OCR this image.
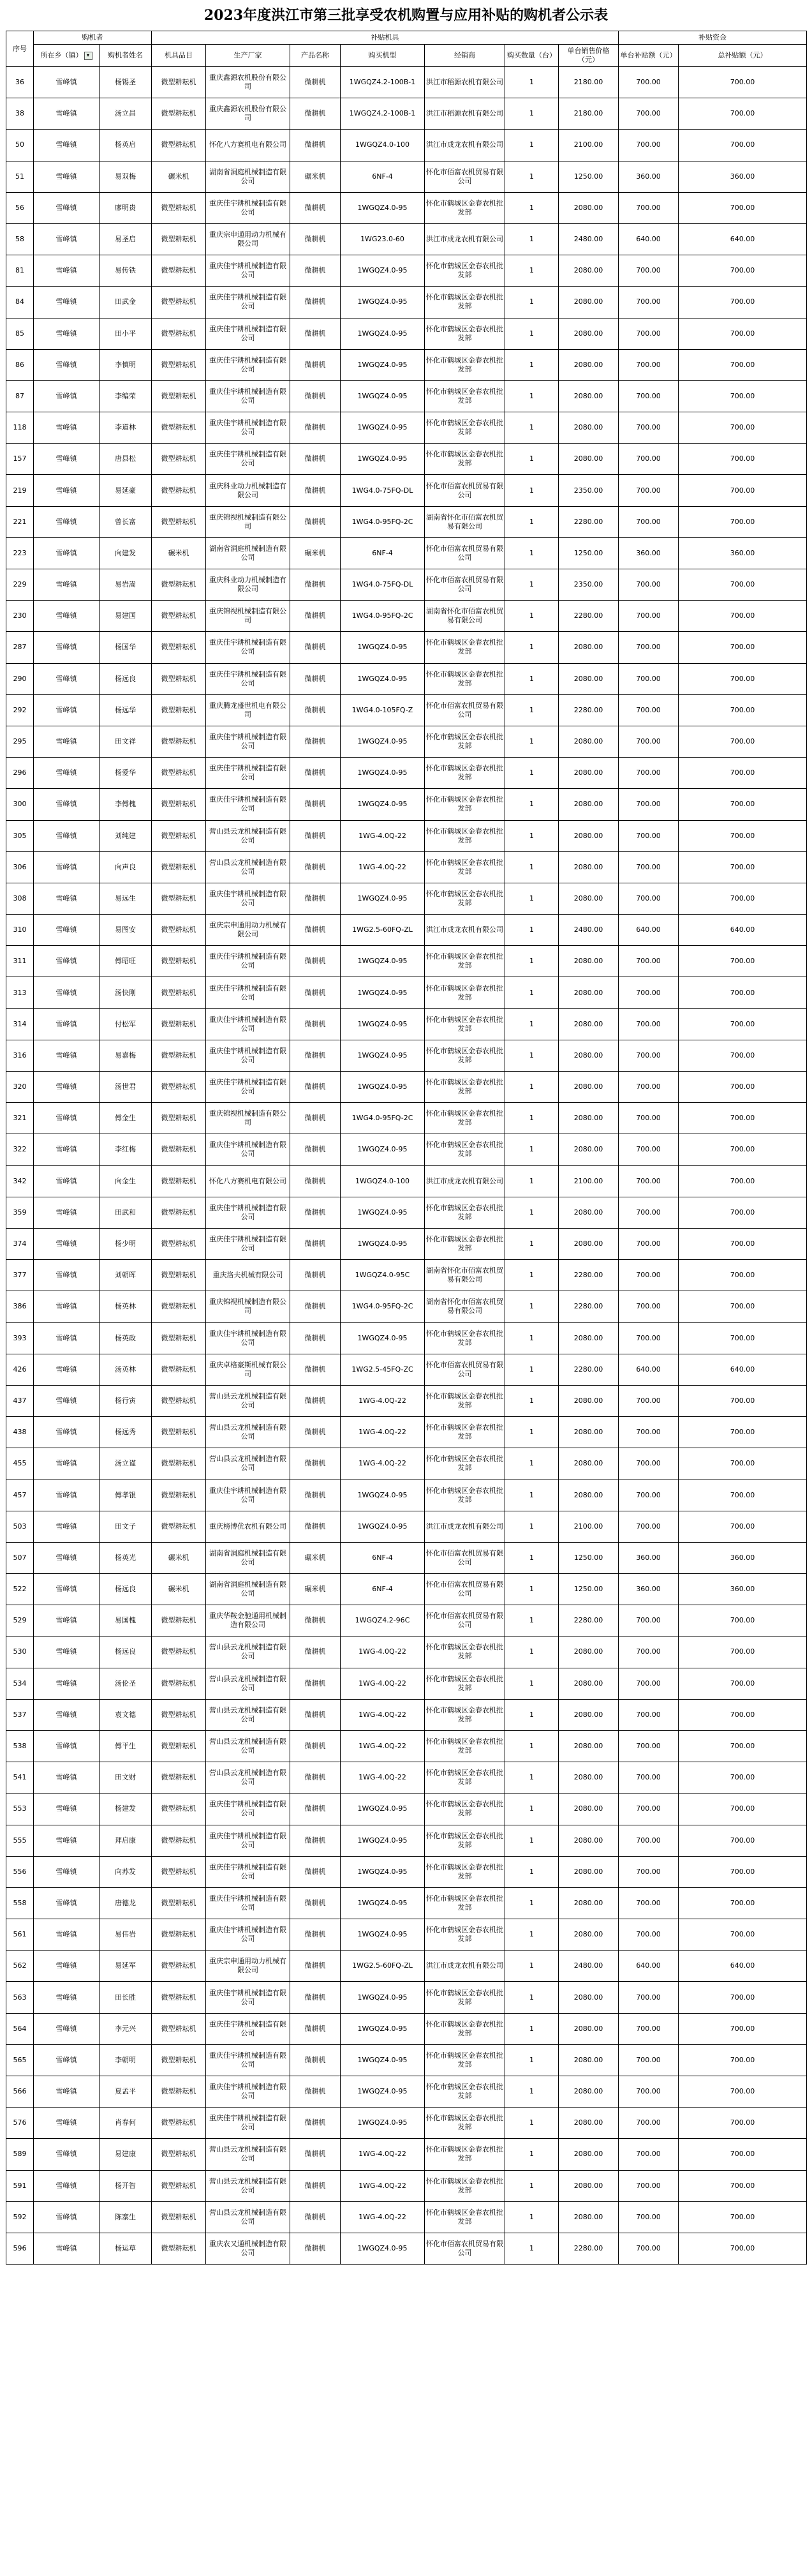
2023年度洪江市第三批享受农机购置与应用补贴的购机者公示表
序号	购机者		补贴机具							补贴资金	
	所在乡（镇） ▾	购机者姓名	机具品目	生产厂家	产品名称	购买机型	经销商	购买数量（台）	单台销售价格（元）	单台补贴额（元）	总补贴额（元）
36	雪峰镇	杨锡圣	微型耕耘机	重庆鑫源农机股份有限公司	微耕机	1WGQZ4.2-100B-1	洪江市稻源农机有限公司	1	2180.00	700.00	700.00
38	雪峰镇	汤立昌	微型耕耘机	重庆鑫源农机股份有限公司	微耕机	1WGQZ4.2-100B-1	洪江市稻源农机有限公司	1	2180.00	700.00	700.00
50	雪峰镇	杨英启	微型耕耘机	怀化八方赛机电有限公司	微耕机	1WGQZ4.0-100	洪江市成龙农机有限公司	1	2100.00	700.00	700.00
51	雪峰镇	易双梅	碾米机	湖南省洞庭机械制造有限公司	碾米机	6NF-4	怀化市佰富农机贸易有限公司	1	1250.00	360.00	360.00
56	雪峰镇	廖明贵	微型耕耘机	重庆佳宇耕机械制造有限公司	微耕机	1WGQZ4.0-95	怀化市鹤城区金春农机批发部	1	2080.00	700.00	700.00
58	雪峰镇	易圣启	微型耕耘机	重庆宗申通用动力机械有限公司	微耕机	1WG23.0-60	洪江市成龙农机有限公司	1	2480.00	640.00	640.00
81	雪峰镇	易传铁	微型耕耘机	重庆佳宇耕机械制造有限公司	微耕机	1WGQZ4.0-95	怀化市鹤城区金春农机批发部	1	2080.00	700.00	700.00
84	雪峰镇	田武金	微型耕耘机	重庆佳宇耕机械制造有限公司	微耕机	1WGQZ4.0-95	怀化市鹤城区金春农机批发部	1	2080.00	700.00	700.00
85	雪峰镇	田小平	微型耕耘机	重庆佳宇耕机械制造有限公司	微耕机	1WGQZ4.0-95	怀化市鹤城区金春农机批发部	1	2080.00	700.00	700.00
86	雪峰镇	李慎明	微型耕耘机	重庆佳宇耕机械制造有限公司	微耕机	1WGQZ4.0-95	怀化市鹤城区金春农机批发部	1	2080.00	700.00	700.00
87	雪峰镇	李编荣	微型耕耘机	重庆佳宇耕机械制造有限公司	微耕机	1WGQZ4.0-95	怀化市鹤城区金春农机批发部	1	2080.00	700.00	700.00
118	雪峰镇	李道林	微型耕耘机	重庆佳宇耕机械制造有限公司	微耕机	1WGQZ4.0-95	怀化市鹤城区金春农机批发部	1	2080.00	700.00	700.00
157	雪峰镇	唐县松	微型耕耘机	重庆佳宇耕机械制造有限公司	微耕机	1WGQZ4.0-95	怀化市鹤城区金春农机批发部	1	2080.00	700.00	700.00
219	雪峰镇	易延豪	微型耕耘机	重庆科业动力机械制造有限公司	微耕机	1WG4.0-75FQ-DL	怀化市佰富农机贸易有限公司	1	2350.00	700.00	700.00
221	雪峰镇	曾长富	微型耕耘机	重庆锦视机械制造有限公司	微耕机	1WG4.0-95FQ-2C	湖南省怀化市佰富农机贸易有限公司	1	2280.00	700.00	700.00
223	雪峰镇	向建发	碾米机	湖南省洞庭机械制造有限公司	碾米机	6NF-4	怀化市佰富农机贸易有限公司	1	1250.00	360.00	360.00
229	雪峰镇	易岩嵩	微型耕耘机	重庆科业动力机械制造有限公司	微耕机	1WG4.0-75FQ-DL	怀化市佰富农机贸易有限公司	1	2350.00	700.00	700.00
230	雪峰镇	易建国	微型耕耘机	重庆锦视机械制造有限公司	微耕机	1WG4.0-95FQ-2C	湖南省怀化市佰富农机贸易有限公司	1	2280.00	700.00	700.00
287	雪峰镇	杨国华	微型耕耘机	重庆佳宇耕机械制造有限公司	微耕机	1WGQZ4.0-95	怀化市鹤城区金春农机批发部	1	2080.00	700.00	700.00
290	雪峰镇	杨远良	微型耕耘机	重庆佳宇耕机械制造有限公司	微耕机	1WGQZ4.0-95	怀化市鹤城区金春农机批发部	1	2080.00	700.00	700.00
292	雪峰镇	杨远华	微型耕耘机	重庆腾龙盛世机电有限公司	微耕机	1WG4.0-105FQ-Z	怀化市佰富农机贸易有限公司	1	2280.00	700.00	700.00
295	雪峰镇	田文祥	微型耕耘机	重庆佳宇耕机械制造有限公司	微耕机	1WGQZ4.0-95	怀化市鹤城区金春农机批发部	1	2080.00	700.00	700.00
296	雪峰镇	杨爱华	微型耕耘机	重庆佳宇耕机械制造有限公司	微耕机	1WGQZ4.0-95	怀化市鹤城区金春农机批发部	1	2080.00	700.00	700.00
300	雪峰镇	李傅槐	微型耕耘机	重庆佳宇耕机械制造有限公司	微耕机	1WGQZ4.0-95	怀化市鹤城区金春农机批发部	1	2080.00	700.00	700.00
305	雪峰镇	刘纯建	微型耕耘机	营山县云龙机械制造有限公司	微耕机	1WG-4.0Q-22	怀化市鹤城区金春农机批发部	1	2080.00	700.00	700.00
306	雪峰镇	向声良	微型耕耘机	营山县云龙机械制造有限公司	微耕机	1WG-4.0Q-22	怀化市鹤城区金春农机批发部	1	2080.00	700.00	700.00
308	雪峰镇	易远生	微型耕耘机	重庆佳宇耕机械制造有限公司	微耕机	1WGQZ4.0-95	怀化市鹤城区金春农机批发部	1	2080.00	700.00	700.00
310	雪峰镇	易图安	微型耕耘机	重庆宗申通用动力机械有限公司	微耕机	1WG2.5-60FQ-ZL	洪江市成龙农机有限公司	1	2480.00	640.00	640.00
311	雪峰镇	傅昭旺	微型耕耘机	重庆佳宇耕机械制造有限公司	微耕机	1WGQZ4.0-95	怀化市鹤城区金春农机批发部	1	2080.00	700.00	700.00
313	雪峰镇	汤快刚	微型耕耘机	重庆佳宇耕机械制造有限公司	微耕机	1WGQZ4.0-95	怀化市鹤城区金春农机批发部	1	2080.00	700.00	700.00
314	雪峰镇	付松军	微型耕耘机	重庆佳宇耕机械制造有限公司	微耕机	1WGQZ4.0-95	怀化市鹤城区金春农机批发部	1	2080.00	700.00	700.00
316	雪峰镇	易嘉梅	微型耕耘机	重庆佳宇耕机械制造有限公司	微耕机	1WGQZ4.0-95	怀化市鹤城区金春农机批发部	1	2080.00	700.00	700.00
320	雪峰镇	汤世君	微型耕耘机	重庆佳宇耕机械制造有限公司	微耕机	1WGQZ4.0-95	怀化市鹤城区金春农机批发部	1	2080.00	700.00	700.00
321	雪峰镇	傅金生	微型耕耘机	重庆锦视机械制造有限公司	微耕机	1WG4.0-95FQ-2C	怀化市鹤城区金春农机批发部	1	2080.00	700.00	700.00
322	雪峰镇	李红梅	微型耕耘机	重庆佳宇耕机械制造有限公司	微耕机	1WGQZ4.0-95	怀化市鹤城区金春农机批发部	1	2080.00	700.00	700.00
342	雪峰镇	向金生	微型耕耘机	怀化八方赛机电有限公司	微耕机	1WGQZ4.0-100	洪江市成龙农机有限公司	1	2100.00	700.00	700.00
359	雪峰镇	田武和	微型耕耘机	重庆佳宇耕机械制造有限公司	微耕机	1WGQZ4.0-95	怀化市鹤城区金春农机批发部	1	2080.00	700.00	700.00
374	雪峰镇	杨少明	微型耕耘机	重庆佳宇耕机械制造有限公司	微耕机	1WGQZ4.0-95	怀化市鹤城区金春农机批发部	1	2080.00	700.00	700.00
377	雪峰镇	刘朝晖	微型耕耘机	重庆洛夫机械有限公司	微耕机	1WGQZ4.0-95C	湖南省怀化市佰富农机贸易有限公司	1	2280.00	700.00	700.00
386	雪峰镇	杨英林	微型耕耘机	重庆锦视机械制造有限公司	微耕机	1WG4.0-95FQ-2C	湖南省怀化市佰富农机贸易有限公司	1	2280.00	700.00	700.00
393	雪峰镇	杨英政	微型耕耘机	重庆佳宇耕机械制造有限公司	微耕机	1WGQZ4.0-95	怀化市鹤城区金春农机批发部	1	2080.00	700.00	700.00
426	雪峰镇	汤英林	微型耕耘机	重庆卓格豪斯机械有限公司	微耕机	1WG2.5-45FQ-ZC	怀化市佰富农机贸易有限公司	1	2280.00	640.00	640.00
437	雪峰镇	杨行寅	微型耕耘机	营山县云龙机械制造有限公司	微耕机	1WG-4.0Q-22	怀化市鹤城区金春农机批发部	1	2080.00	700.00	700.00
438	雪峰镇	杨远秀	微型耕耘机	营山县云龙机械制造有限公司	微耕机	1WG-4.0Q-22	怀化市鹤城区金春农机批发部	1	2080.00	700.00	700.00
455	雪峰镇	汤立谨	微型耕耘机	营山县云龙机械制造有限公司	微耕机	1WG-4.0Q-22	怀化市鹤城区金春农机批发部	1	2080.00	700.00	700.00
457	雪峰镇	傅孝银	微型耕耘机	重庆佳宇耕机械制造有限公司	微耕机	1WGQZ4.0-95	怀化市鹤城区金春农机批发部	1	2080.00	700.00	700.00
503	雪峰镇	田文子	微型耕耘机	重庆榜博优农机有限公司	微耕机	1WGQZ4.0-95	洪江市成龙农机有限公司	1	2100.00	700.00	700.00
507	雪峰镇	杨英光	碾米机	湖南省洞庭机械制造有限公司	碾米机	6NF-4	怀化市佰富农机贸易有限公司	1	1250.00	360.00	360.00
522	雪峰镇	杨远良	碾米机	湖南省洞庭机械制造有限公司	碾米机	6NF-4	怀化市佰富农机贸易有限公司	1	1250.00	360.00	360.00
529	雪峰镇	易国槐	微型耕耘机	重庆华鞍金驰通用机械制造有限公司	微耕机	1WGQZ4.2-96C	怀化市佰富农机贸易有限公司	1	2280.00	700.00	700.00
530	雪峰镇	杨远良	微型耕耘机	营山县云龙机械制造有限公司	微耕机	1WG-4.0Q-22	怀化市鹤城区金春农机批发部	1	2080.00	700.00	700.00
534	雪峰镇	汤伦圣	微型耕耘机	营山县云龙机械制造有限公司	微耕机	1WG-4.0Q-22	怀化市鹤城区金春农机批发部	1	2080.00	700.00	700.00
537	雪峰镇	袁文德	微型耕耘机	营山县云龙机械制造有限公司	微耕机	1WG-4.0Q-22	怀化市鹤城区金春农机批发部	1	2080.00	700.00	700.00
538	雪峰镇	傅平生	微型耕耘机	营山县云龙机械制造有限公司	微耕机	1WG-4.0Q-22	怀化市鹤城区金春农机批发部	1	2080.00	700.00	700.00
541	雪峰镇	田文财	微型耕耘机	营山县云龙机械制造有限公司	微耕机	1WG-4.0Q-22	怀化市鹤城区金春农机批发部	1	2080.00	700.00	700.00
553	雪峰镇	杨建发	微型耕耘机	重庆佳宇耕机械制造有限公司	微耕机	1WGQZ4.0-95	怀化市鹤城区金春农机批发部	1	2080.00	700.00	700.00
555	雪峰镇	拜启康	微型耕耘机	重庆佳宇耕机械制造有限公司	微耕机	1WGQZ4.0-95	怀化市鹤城区金春农机批发部	1	2080.00	700.00	700.00
556	雪峰镇	向苏发	微型耕耘机	重庆佳宇耕机械制造有限公司	微耕机	1WGQZ4.0-95	怀化市鹤城区金春农机批发部	1	2080.00	700.00	700.00
558	雪峰镇	唐德龙	微型耕耘机	重庆佳宇耕机械制造有限公司	微耕机	1WGQZ4.0-95	怀化市鹤城区金春农机批发部	1	2080.00	700.00	700.00
561	雪峰镇	易伟岩	微型耕耘机	重庆佳宇耕机械制造有限公司	微耕机	1WGQZ4.0-95	怀化市鹤城区金春农机批发部	1	2080.00	700.00	700.00
562	雪峰镇	易延军	微型耕耘机	重庆宗申通用动力机械有限公司	微耕机	1WG2.5-60FQ-ZL	洪江市成龙农机有限公司	1	2480.00	640.00	640.00
563	雪峰镇	田长胜	微型耕耘机	重庆佳宇耕机械制造有限公司	微耕机	1WGQZ4.0-95	怀化市鹤城区金春农机批发部	1	2080.00	700.00	700.00
564	雪峰镇	李元兴	微型耕耘机	重庆佳宇耕机械制造有限公司	微耕机	1WGQZ4.0-95	怀化市鹤城区金春农机批发部	1	2080.00	700.00	700.00
565	雪峰镇	李朝明	微型耕耘机	重庆佳宇耕机械制造有限公司	微耕机	1WGQZ4.0-95	怀化市鹤城区金春农机批发部	1	2080.00	700.00	700.00
566	雪峰镇	夏孟平	微型耕耘机	重庆佳宇耕机械制造有限公司	微耕机	1WGQZ4.0-95	怀化市鹤城区金春农机批发部	1	2080.00	700.00	700.00
576	雪峰镇	肖春何	微型耕耘机	重庆佳宇耕机械制造有限公司	微耕机	1WGQZ4.0-95	怀化市鹤城区金春农机批发部	1	2080.00	700.00	700.00
589	雪峰镇	易建康	微型耕耘机	营山县云龙机械制造有限公司	微耕机	1WG-4.0Q-22	怀化市鹤城区金春农机批发部	1	2080.00	700.00	700.00
591	雪峰镇	杨开智	微型耕耘机	营山县云龙机械制造有限公司	微耕机	1WG-4.0Q-22	怀化市鹤城区金春农机批发部	1	2080.00	700.00	700.00
592	雪峰镇	陈寨生	微型耕耘机	营山县云龙机械制造有限公司	微耕机	1WG-4.0Q-22	怀化市鹤城区金春农机批发部	1	2080.00	700.00	700.00
596	雪峰镇	杨运草	微型耕耘机	重庆农又通机械制造有限公司	微耕机	1WGQZ4.0-95	怀化市佰富农机贸易有限公司	1	2280.00	700.00	700.00
